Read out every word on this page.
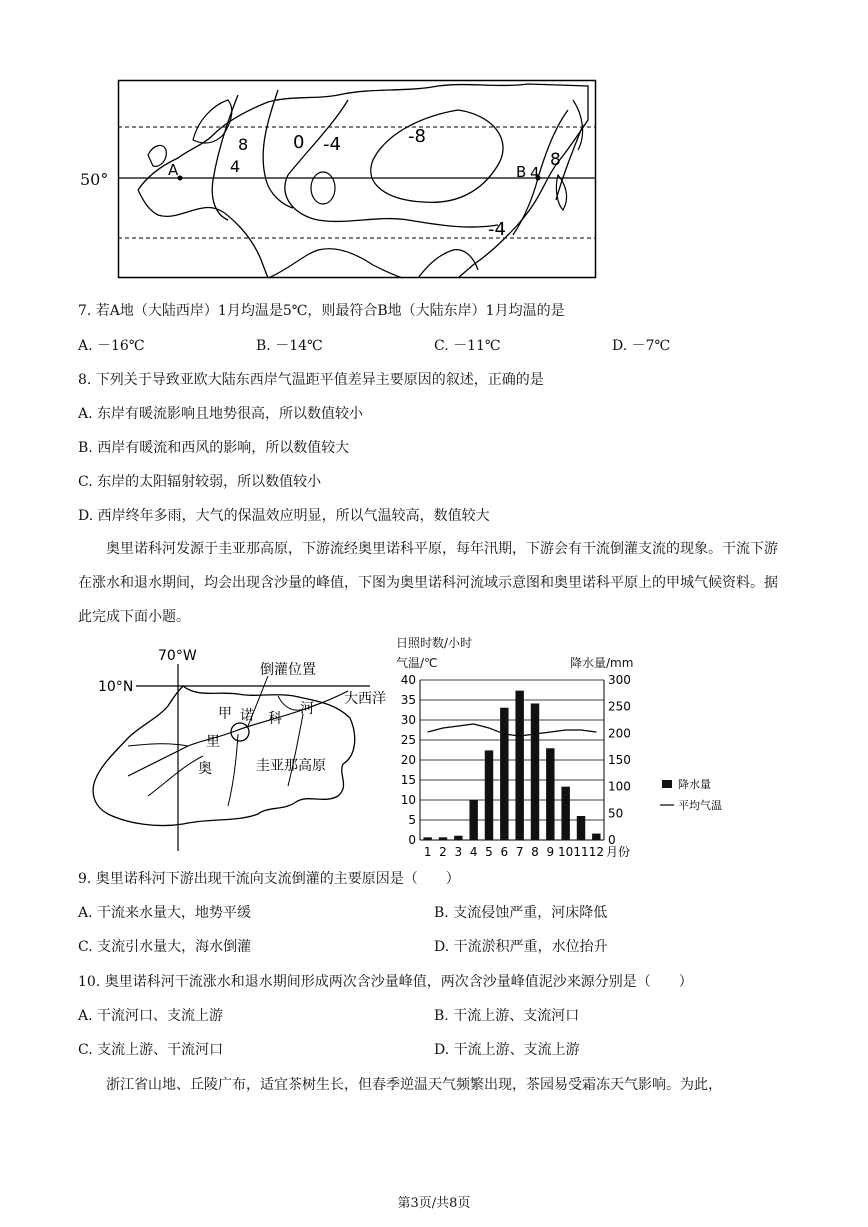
50°	A	B
8
4
0 -4	-8
8
4
-4
7. 若A地（大陆西岸）1月均温是5℃，则最符合B地（大陆东岸）1月均温的是
A. －16℃	B. －14℃	C. －11℃	D. －7℃
8. 下列关于导致亚欧大陆东西岸气温距平值差异主要原因的叙述，正确的是
A. 东岸有暖流影响且地势很高，所以数值较小
B. 西岸有暖流和西风的影响，所以数值较大
C. 东岸的太阳辐射较弱，所以数值较小
D. 西岸终年多雨，大气的保温效应明显，所以气温较高，数值较大
奥里诺科河发源于圭亚那高原，下游流经奥里诺科平原，每年汛期，下游会有干流倒灌支流的现象。干流下游在涨水和退水期间，均会出现含沙量的峰值，下图为奥里诺科河流域示意图和奥里诺科平原上的甲城气候资料。据此完成下面小题。
70°W
10°N
倒灌位置
大西洋
甲 诺 科
河
里
奥	圭亚那高原
日照时数/小时
气温/℃	降水量/mm
0
5
10
15
20
25
30
35
40
0
50
100
150
200
250
300
1 2 3 4 5 6 7 8 9 10 11 12 月份
降水量
平均气温
9. 奥里诺科河下游出现干流向支流倒灌的主要原因是（　　）
A. 干流来水量大，地势平缓	B. 支流侵蚀严重，河床降低
C. 支流引水量大，海水倒灌	D. 干流淤积严重，水位抬升
10. 奥里诺科河干流涨水和退水期间形成两次含沙量峰值，两次含沙量峰值泥沙来源分别是（　　）
A. 干流河口、支流上游	B. 干流上游、支流河口
C. 支流上游、干流河口	D. 干流上游、支流上游
浙江省山地、丘陵广布，适宜茶树生长，但春季逆温天气频繁出现，茶园易受霜冻天气影响。为此，
第3页/共8页
